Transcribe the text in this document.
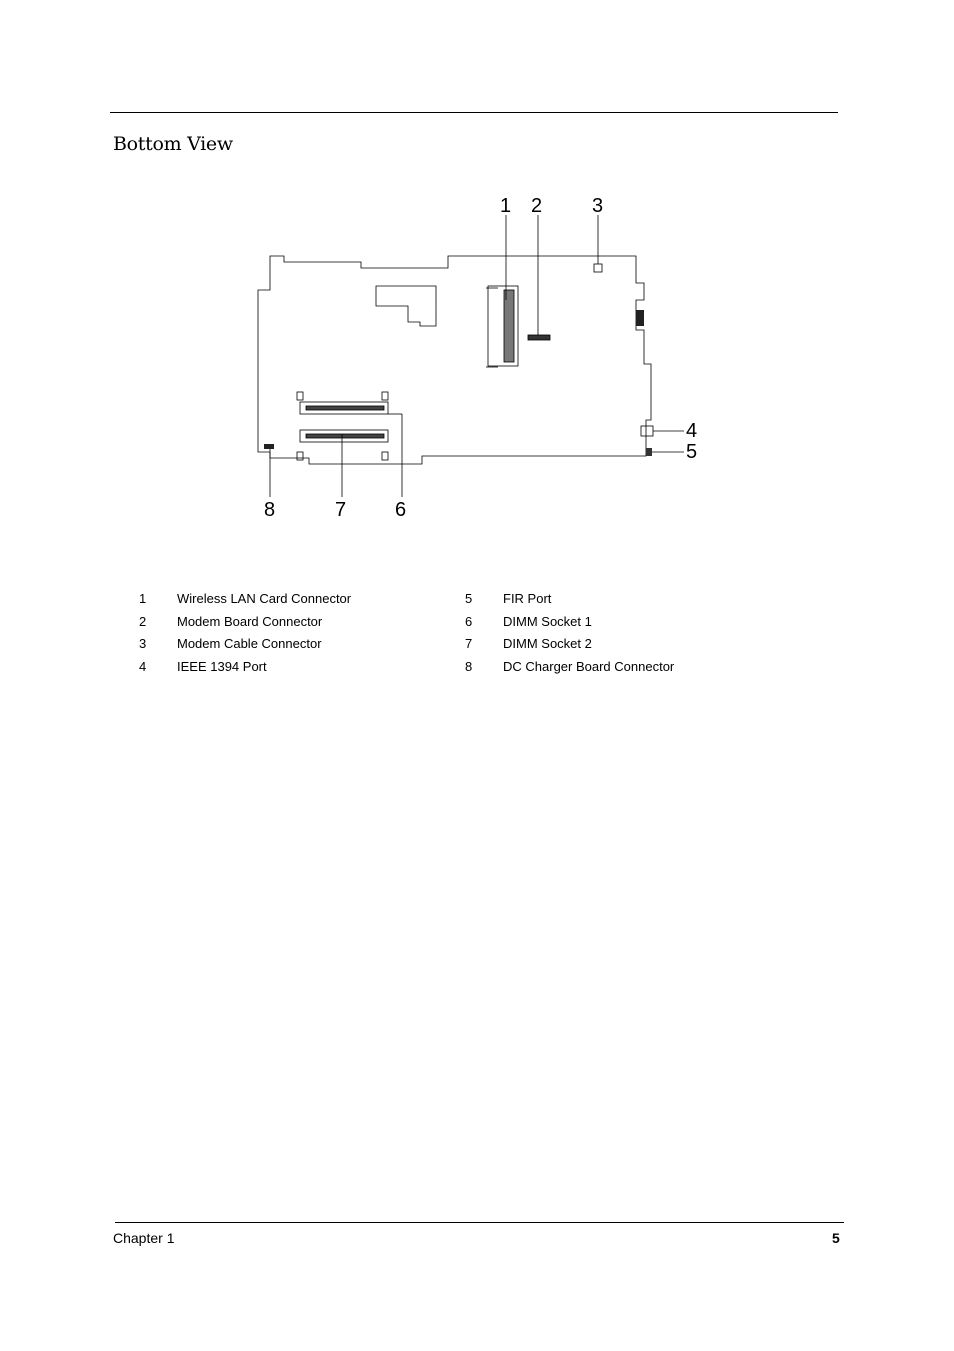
Bottom View
1 2 3
4
5
6
7
8
1 Wireless LAN Card Connector
2 Modem Board Connector
3 Modem Cable Connector
4 IEEE 1394 Port
5 FIR Port
6 DIMM Socket 1
7 DIMM Socket 2
8 DC Charger Board Connector
Chapter 1	5
